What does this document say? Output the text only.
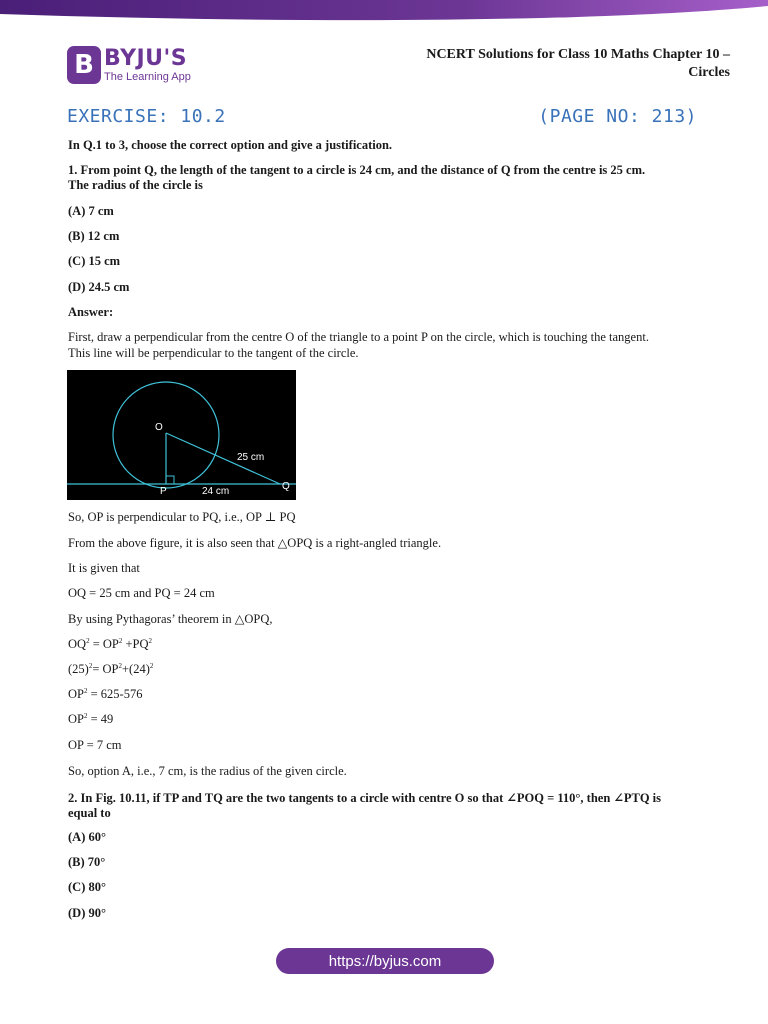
B BYJU'S
The Learning App
NCERT Solutions for Class 10 Maths Chapter 10 –
Circles
EXERCISE: 10.2	(PAGE NO: 213)
In Q.1 to 3, choose the correct option and give a justification.
1. From point Q, the length of the tangent to a circle is 24 cm, and the distance of Q from the centre is 25 cm.
The radius of the circle is
(A) 7 cm
(B) 12 cm
(C) 15 cm
(D) 24.5 cm
Answer:
First, draw a perpendicular from the centre O of the triangle to a point P on the circle, which is touching the tangent.
This line will be perpendicular to the tangent of the circle.
So, OP is perpendicular to PQ, i.e., OP ⊥ PQ
From the above figure, it is also seen that △OPQ is a right-angled triangle.
It is given that
OQ = 25 cm and PQ = 24 cm
By using Pythagoras’ theorem in △OPQ,
$OQ^2 = OP^2 +PQ^2$
$(25)^2= OP^2+(24)^2$
$OP^2 = 625-576$
$OP^2 = 49$
OP = 7 cm
So, option A, i.e., 7 cm, is the radius of the given circle.
2. In Fig. 10.11, if TP and TQ are the two tangents to a circle with centre O so that ∠POQ = 110°, then ∠PTQ is
equal to
(A) 60°
(B) 70°
(C) 80°
(D) 90°
O
P	Q
25 cm
24 cm
https://byjus.com
